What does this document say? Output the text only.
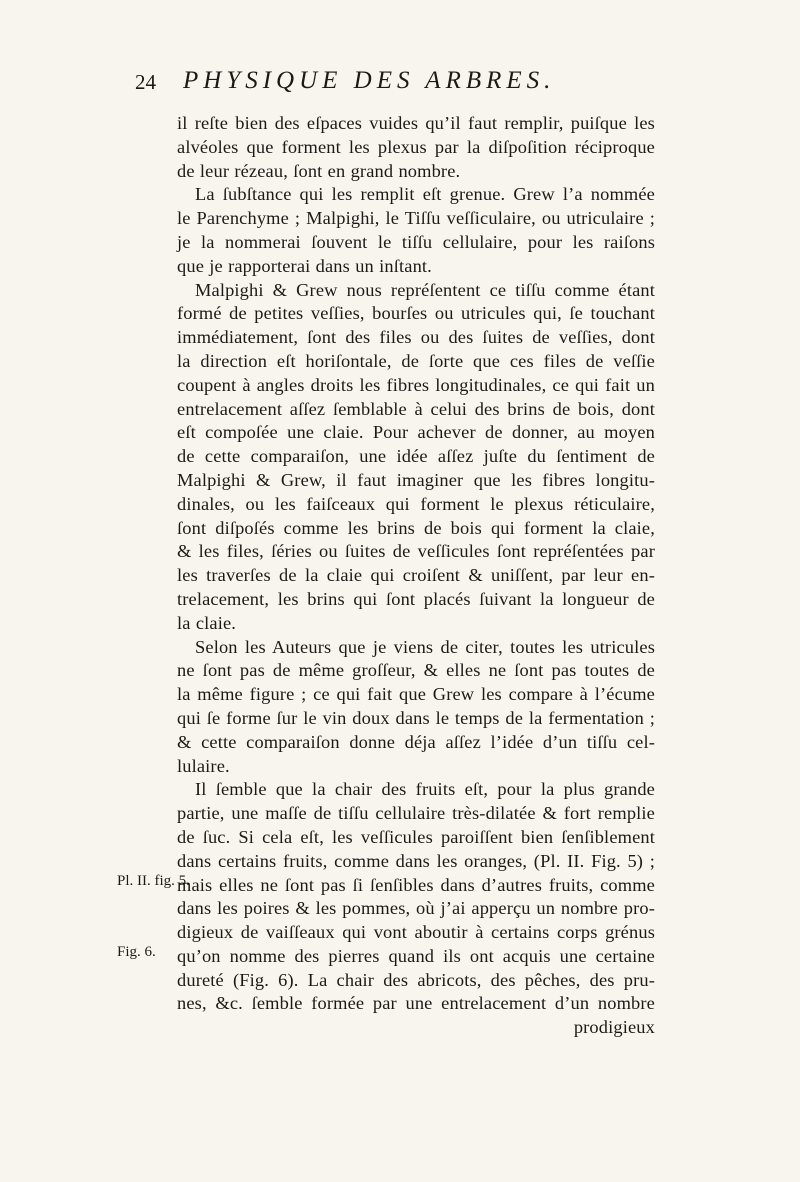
24 PHYSIQUE DES ARBRES.
Pl. II. fig. 5.
Fig. 6.
il reſte bien des eſpaces vuides qu’il faut remplir, puiſque les
alvéoles que forment les plexus par la diſpoſition réciproque
de leur rézeau, ſont en grand nombre.
La ſubſtance qui les remplit eſt grenue. Grew l’a nommée
le Parenchyme ; Malpighi, le Tiſſu veſſiculaire, ou utriculaire ;
je la nommerai ſouvent le tiſſu cellulaire, pour les raiſons
que je rapporterai dans un inſtant.
Malpighi & Grew nous repréſentent ce tiſſu comme étant
formé de petites veſſies, bourſes ou utricules qui, ſe touchant
immédiatement, ſont des files ou des ſuites de veſſies, dont
la direction eſt horiſontale, de ſorte que ces files de veſſie
coupent à angles droits les fibres longitudinales, ce qui fait un
entrelacement aſſez ſemblable à celui des brins de bois, dont
eſt compoſée une claie. Pour achever de donner, au moyen
de cette comparaiſon, une idée aſſez juſte du ſentiment de
Malpighi & Grew, il faut imaginer que les fibres longitu-
dinales, ou les faiſceaux qui forment le plexus réticulaire,
ſont diſpoſés comme les brins de bois qui forment la claie,
& les files, ſéries ou ſuites de veſſicules ſont repréſentées par
les traverſes de la claie qui croiſent & uniſſent, par leur en-
trelacement, les brins qui ſont placés ſuivant la longueur de
la claie.
Selon les Auteurs que je viens de citer, toutes les utricules
ne ſont pas de même groſſeur, & elles ne ſont pas toutes de
la même figure ; ce qui fait que Grew les compare à l’écume
qui ſe forme ſur le vin doux dans le temps de la fermentation ;
& cette comparaiſon donne déja aſſez l’idée d’un tiſſu cel-
lulaire.
Il ſemble que la chair des fruits eſt, pour la plus grande
partie, une maſſe de tiſſu cellulaire très-dilatée & fort remplie
de ſuc. Si cela eſt, les veſſicules paroiſſent bien ſenſiblement
dans certains fruits, comme dans les oranges, (Pl. II. Fig. 5) ;
mais elles ne ſont pas ſi ſenſibles dans d’autres fruits, comme
dans les poires & les pommes, où j’ai apperçu un nombre pro-
digieux de vaiſſeaux qui vont aboutir à certains corps grénus
qu’on nomme des pierres quand ils ont acquis une certaine
dureté (Fig. 6). La chair des abricots, des pêches, des pru-
nes, &c. ſemble formée par une entrelacement d’un nombre
prodigieux
